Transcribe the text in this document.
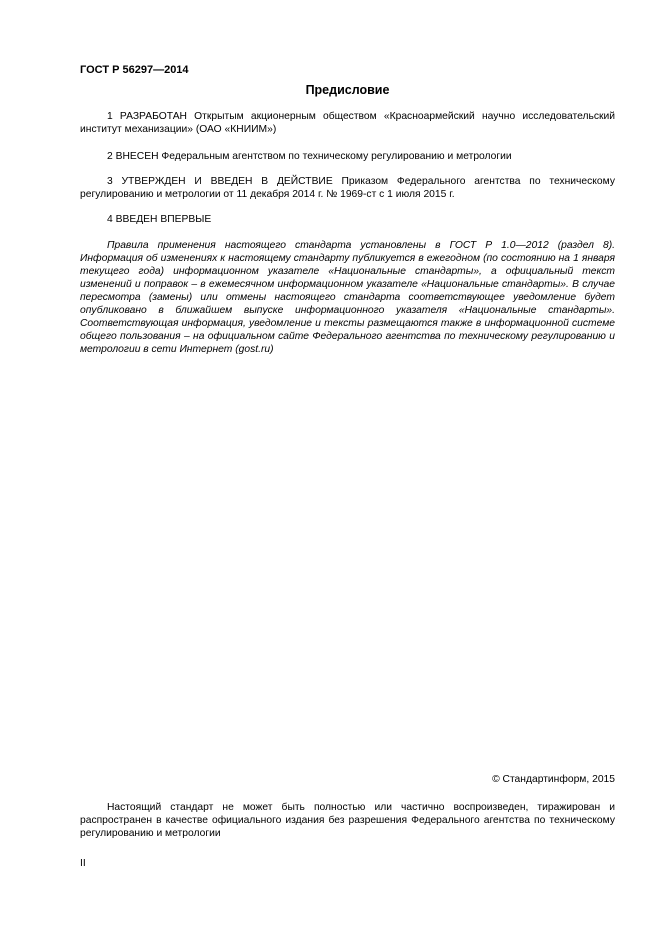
ГОСТ Р 56297—2014
Предисловие

1 РАЗРАБОТАН Открытым акционерным обществом «Красноармейский научно исследовательский институт механизации» (ОАО «КНИИМ»)

2 ВНЕСЕН Федеральным агентством по техническому регулированию и метрологии

3 УТВЕРЖДЕН И ВВЕДЕН В ДЕЙСТВИЕ Приказом Федерального агентства по техническому регулированию и метрологии от 11 декабря 2014 г. № 1969-ст с 1 июля 2015 г.

4 ВВЕДЕН ВПЕРВЫЕ

Правила применения настоящего стандарта установлены в ГОСТ Р 1.0—2012 (раздел 8). Информация об изменениях к настоящему стандарту публикуется в ежегодном (по состоянию на 1 января текущего года) информационном указателе «Национальные стандарты», а официальный текст изменений и поправок – в ежемесячном информационном указателе «Национальные стандарты». В случае пересмотра (замены) или отмены настоящего стандарта соответствующее уведомление будет опубликовано в ближайшем выпуске информационного указателя «Национальные стандарты». Соответствующая информация, уведомление и тексты размещаются также в информационной системе общего пользования – на официальном сайте Федерального агентства по техническому регулированию и метрологии в сети Интернет (gost.ru)

© Стандартинформ, 2015

Настоящий стандарт не может быть полностью или частично воспроизведен, тиражирован и распространен в качестве официального издания без разрешения Федерального агентства по техническому регулированию и метрологии

II
